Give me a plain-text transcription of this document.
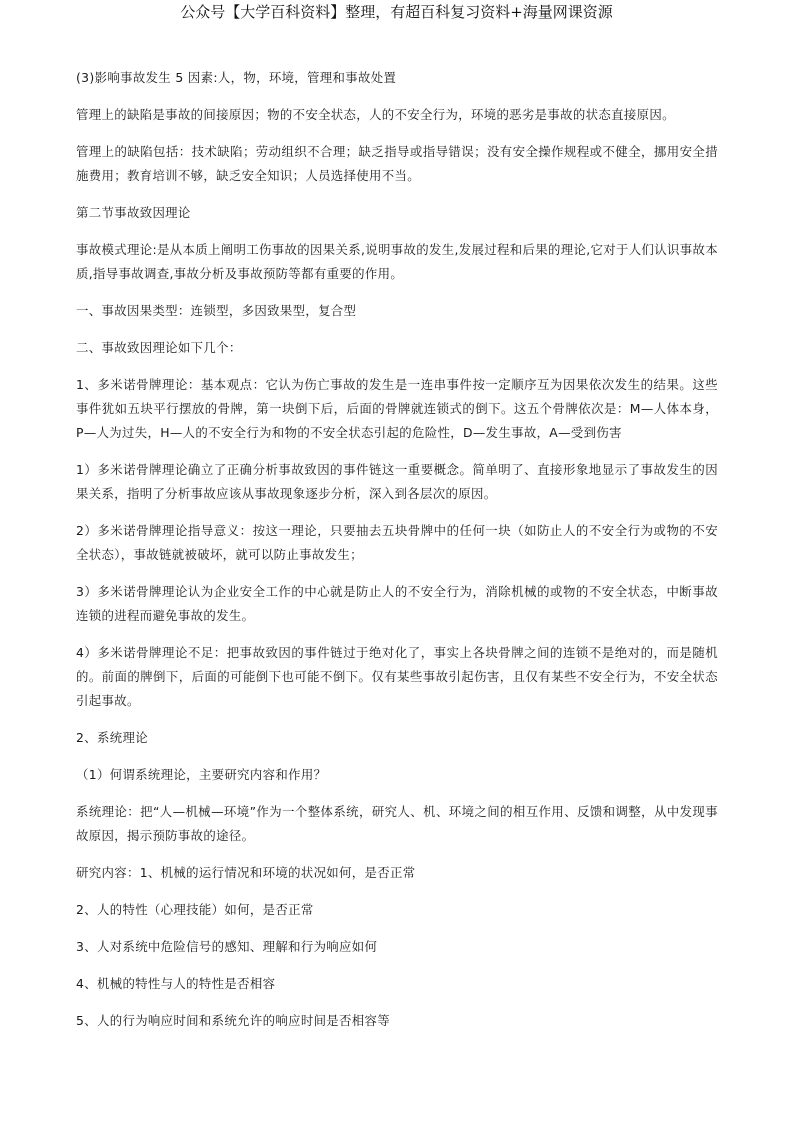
公众号【大学百科资料】整理，有超百科复习资料+海量网课资源

(3)影响事故发生 5 因素:人，物，环境，管理和事故处置

管理上的缺陷是事故的间接原因；物的不安全状态，人的不安全行为，环境的恶劣是事故的状态直接原因。

管理上的缺陷包括：技术缺陷；劳动组织不合理；缺乏指导或指导错误；没有安全操作规程或不健全，挪用安全措施费用；教育培训不够，缺乏安全知识；人员选择使用不当。

第二节事故致因理论

事故模式理论:是从本质上阐明工伤事故的因果关系,说明事故的发生,发展过程和后果的理论,它对于人们认识事故本质,指导事故调查,事故分析及事故预防等都有重要的作用。

一、事故因果类型：连锁型，多因致果型，复合型

二、事故致因理论如下几个：

1、多米诺骨牌理论：基本观点：它认为伤亡事故的发生是一连串事件按一定顺序互为因果依次发生的结果。这些事件犹如五块平行摆放的骨牌，第一块倒下后，后面的骨牌就连锁式的倒下。这五个骨牌依次是：M—人体本身，P—人为过失，H—人的不安全行为和物的不安全状态引起的危险性，D—发生事故，A—受到伤害

1）多米诺骨牌理论确立了正确分析事故致因的事件链这一重要概念。简单明了、直接形象地显示了事故发生的因果关系，指明了分析事故应该从事故现象逐步分析，深入到各层次的原因。

2）多米诺骨牌理论指导意义：按这一理论，只要抽去五块骨牌中的任何一块（如防止人的不安全行为或物的不安全状态），事故链就被破坏，就可以防止事故发生；

3）多米诺骨牌理论认为企业安全工作的中心就是防止人的不安全行为，消除机械的或物的不安全状态，中断事故连锁的进程而避免事故的发生。

4）多米诺骨牌理论不足：把事故致因的事件链过于绝对化了，事实上各块骨牌之间的连锁不是绝对的，而是随机的。前面的牌倒下，后面的可能倒下也可能不倒下。仅有某些事故引起伤害，且仅有某些不安全行为，不安全状态引起事故。

2、系统理论

（1）何谓系统理论，主要研究内容和作用？

系统理论：把“人—机械—环境”作为一个整体系统，研究人、机、环境之间的相互作用、反馈和调整，从中发现事故原因，揭示预防事故的途径。

研究内容：1、机械的运行情况和环境的状况如何，是否正常

2、人的特性（心理技能）如何，是否正常

3、人对系统中危险信号的感知、理解和行为响应如何

4、机械的特性与人的特性是否相容

5、人的行为响应时间和系统允许的响应时间是否相容等
